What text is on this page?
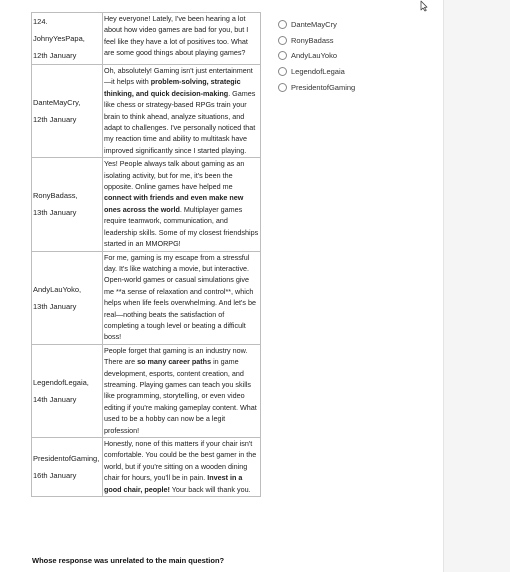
124.
JohnyYesPapa,
12th January	Hey everyone! Lately, I've been hearing a lot about how video games are bad for you, but I feel like they have a lot of positives too. What are some good things about playing games?

DanteMayCry,
12th January	Oh, absolutely! Gaming isn't just entertainment—it helps with problem-solving, strategic thinking, and quick decision-making. Games like chess or strategy-based RPGs train your brain to think ahead, analyze situations, and adapt to challenges. I've personally noticed that my reaction time and ability to multitask have improved significantly since I started playing.

RonyBadass,
13th January	Yes! People always talk about gaming as an isolating activity, but for me, it's been the opposite. Online games have helped me connect with friends and even make new ones across the world. Multiplayer games require teamwork, communication, and leadership skills. Some of my closest friendships started in an MMORPG!

AndyLauYoko,
13th January	For me, gaming is my escape from a stressful day. It's like watching a movie, but interactive. Open-world games or casual simulations give me **a sense of relaxation and control**, which helps when life feels overwhelming. And let's be real—nothing beats the satisfaction of completing a tough level or beating a difficult boss!

LegendofLegaia,
14th January	People forget that gaming is an industry now. There are so many career paths in game development, esports, content creation, and streaming. Playing games can teach you skills like programming, storytelling, or even video editing if you're making gameplay content. What used to be a hobby can now be a legit profession!

PresidentofGaming,
16th January	Honestly, none of this matters if your chair isn't comfortable. You could be the best gamer in the world, but if you're sitting on a wooden dining chair for hours, you'll be in pain. Invest in a good chair, people! Your back will thank you.
Whose response was unrelated to the main question?
DanteMayCry
RonyBadass
AndyLauYoko
LegendofLegaia
PresidentofGaming
